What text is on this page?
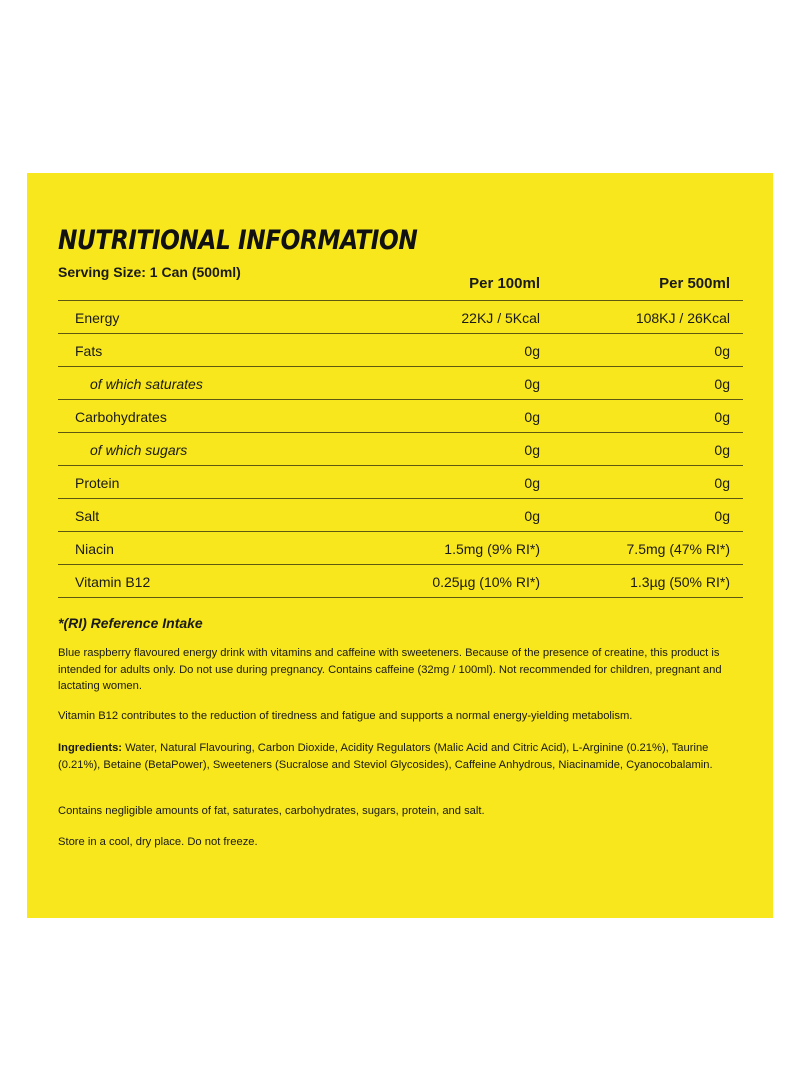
NUTRITIONAL INFORMATION
Serving Size: 1 Can (500ml)
Per 100ml	Per 500ml
Energy	22KJ / 5Kcal	108KJ / 26Kcal
Fats	0g	0g
of which saturates	0g	0g
Carbohydrates	0g	0g
of which sugars	0g	0g
Protein	0g	0g
Salt	0g	0g
Niacin	1.5mg (9% RI*)	7.5mg (47% RI*)
Vitamin B12	0.25µg (10% RI*)	1.3µg (50% RI*)
*(RI) Reference Intake

Blue raspberry flavoured energy drink with vitamins and caffeine with sweeteners. Because of the presence of creatine, this product is intended for adults only. Do not use during pregnancy. Contains caffeine (32mg / 100ml). Not recommended for children, pregnant and lactating women.

Vitamin B12 contributes to the reduction of tiredness and fatigue and supports a normal energy-yielding metabolism.

Ingredients: Water, Natural Flavouring, Carbon Dioxide, Acidity Regulators (Malic Acid and Citric Acid), L-Arginine (0.21%), Taurine (0.21%), Betaine (BetaPower), Sweeteners (Sucralose and Steviol Glycosides), Caffeine Anhydrous, Niacinamide, Cyanocobalamin.

Contains negligible amounts of fat, saturates, carbohydrates, sugars, protein, and salt.

Store in a cool, dry place. Do not freeze.
